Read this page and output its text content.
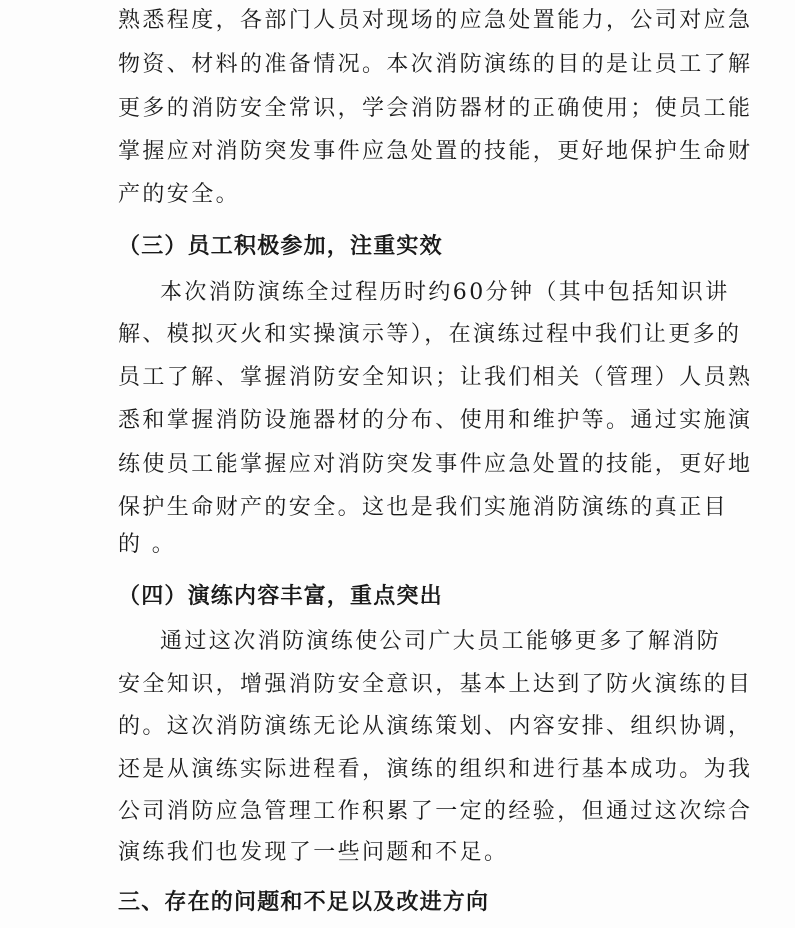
熟悉程度，各部门人员对现场的应急处置能力，公司对应急
物资、材料的准备情况。本次消防演练的目的是让员工了解
更多的消防安全常识，学会消防器材的正确使用；使员工能
掌握应对消防突发事件应急处置的技能，更好地保护生命财
产的安全。
（三）员工积极参加，注重实效
本次消防演练全过程历时约60分钟（其中包括知识讲
解、模拟灭火和实操演示等），在演练过程中我们让更多的
员工了解、掌握消防安全知识；让我们相关（管理）人员熟
悉和掌握消防设施器材的分布、使用和维护等。通过实施演
练使员工能掌握应对消防突发事件应急处置的技能，更好地
保护生命财产的安全。这也是我们实施消防演练的真正目
的 。
（四）演练内容丰富，重点突出
通过这次消防演练使公司广大员工能够更多了解消防
安全知识，增强消防安全意识，基本上达到了防火演练的目
的。这次消防演练无论从演练策划、内容安排、组织协调，
还是从演练实际进程看，演练的组织和进行基本成功。为我
公司消防应急管理工作积累了一定的经验，但通过这次综合
演练我们也发现了一些问题和不足。
三、存在的问题和不足以及改进方向
